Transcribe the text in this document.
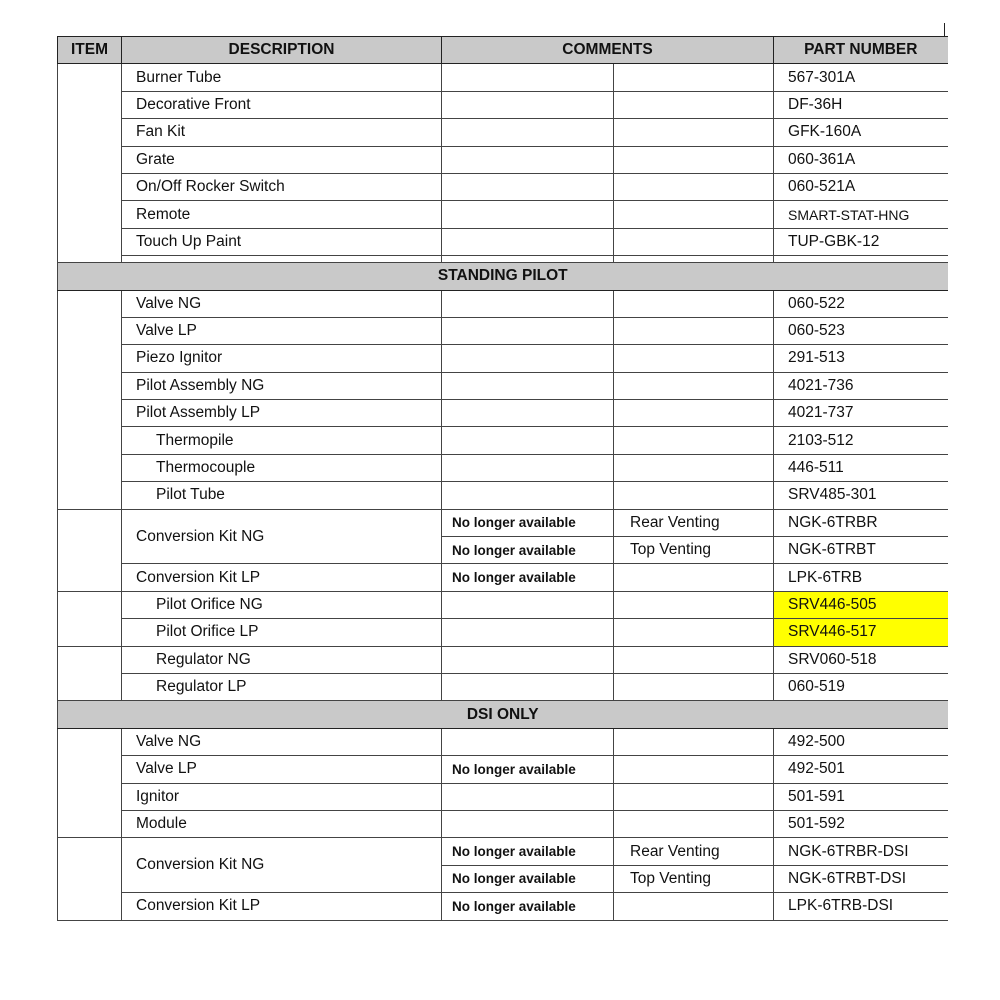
ITEM	DESCRIPTION	COMMENTS		PART NUMBER
	Burner Tube			567-301A
	Decorative Front			DF-36H
	Fan Kit			GFK-160A
	Grate			060-361A
	On/Off Rocker Switch			060-521A
	Remote			SMART-STAT-HNG
	Touch Up Paint			TUP-GBK-12

STANDING PILOT				
	Valve NG			060-522
	Valve LP			060-523
	Piezo Ignitor			291-513
	Pilot Assembly NG			4021-736
	Pilot Assembly LP			4021-737
	Thermopile			2103-512
	Thermocouple			446-511
	Pilot Tube			SRV485-301
	Conversion Kit NG	No longer available	Rear Venting	NGK-6TRBR
		No longer available	Top Venting	NGK-6TRBT
	Conversion Kit LP	No longer available		LPK-6TRB
	Pilot Orifice NG			SRV446-505
	Pilot Orifice LP			SRV446-517
	Regulator NG			SRV060-518
	Regulator LP			060-519
DSI ONLY				
	Valve NG			492-500
	Valve LP	No longer available		492-501
	Ignitor			501-591
	Module			501-592
	Conversion Kit NG	No longer available	Rear Venting	NGK-6TRBR-DSI
		No longer available	Top Venting	NGK-6TRBT-DSI
	Conversion Kit LP	No longer available		LPK-6TRB-DSI
